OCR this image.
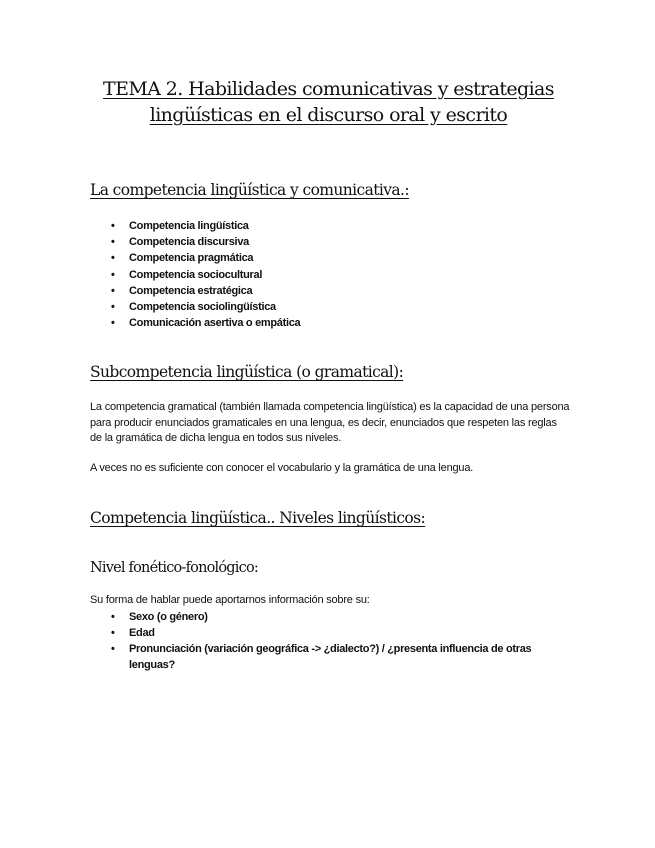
TEMA 2. Habilidades comunicativas y estrategias lingüísticas en el discurso oral y escrito
La competencia lingüística y comunicativa.:
•	Competencia lingüística
•	Competencia discursiva
•	Competencia pragmática
•	Competencia sociocultural
•	Competencia estratégica
•	Competencia sociolingüística
•	Comunicación asertiva o empática
Subcompetencia lingüística (o gramatical):

La competencia gramatical (también llamada competencia lingüística) es la capacidad de una persona para producir enunciados gramaticales en una lengua, es decir, enunciados que respeten las reglas de la gramática de dicha lengua en todos sus niveles.

A veces no es suficiente con conocer el vocabulario y la gramática de una lengua.

Competencia lingüística.. Niveles lingüísticos:
Nivel fonético-fonológico:

Su forma de hablar puede aportarnos información sobre su:

•	Sexo (o género)
•	Edad
•	Pronunciación (variación geográfica -> ¿dialecto?) / ¿presenta influencia de otras lenguas?
